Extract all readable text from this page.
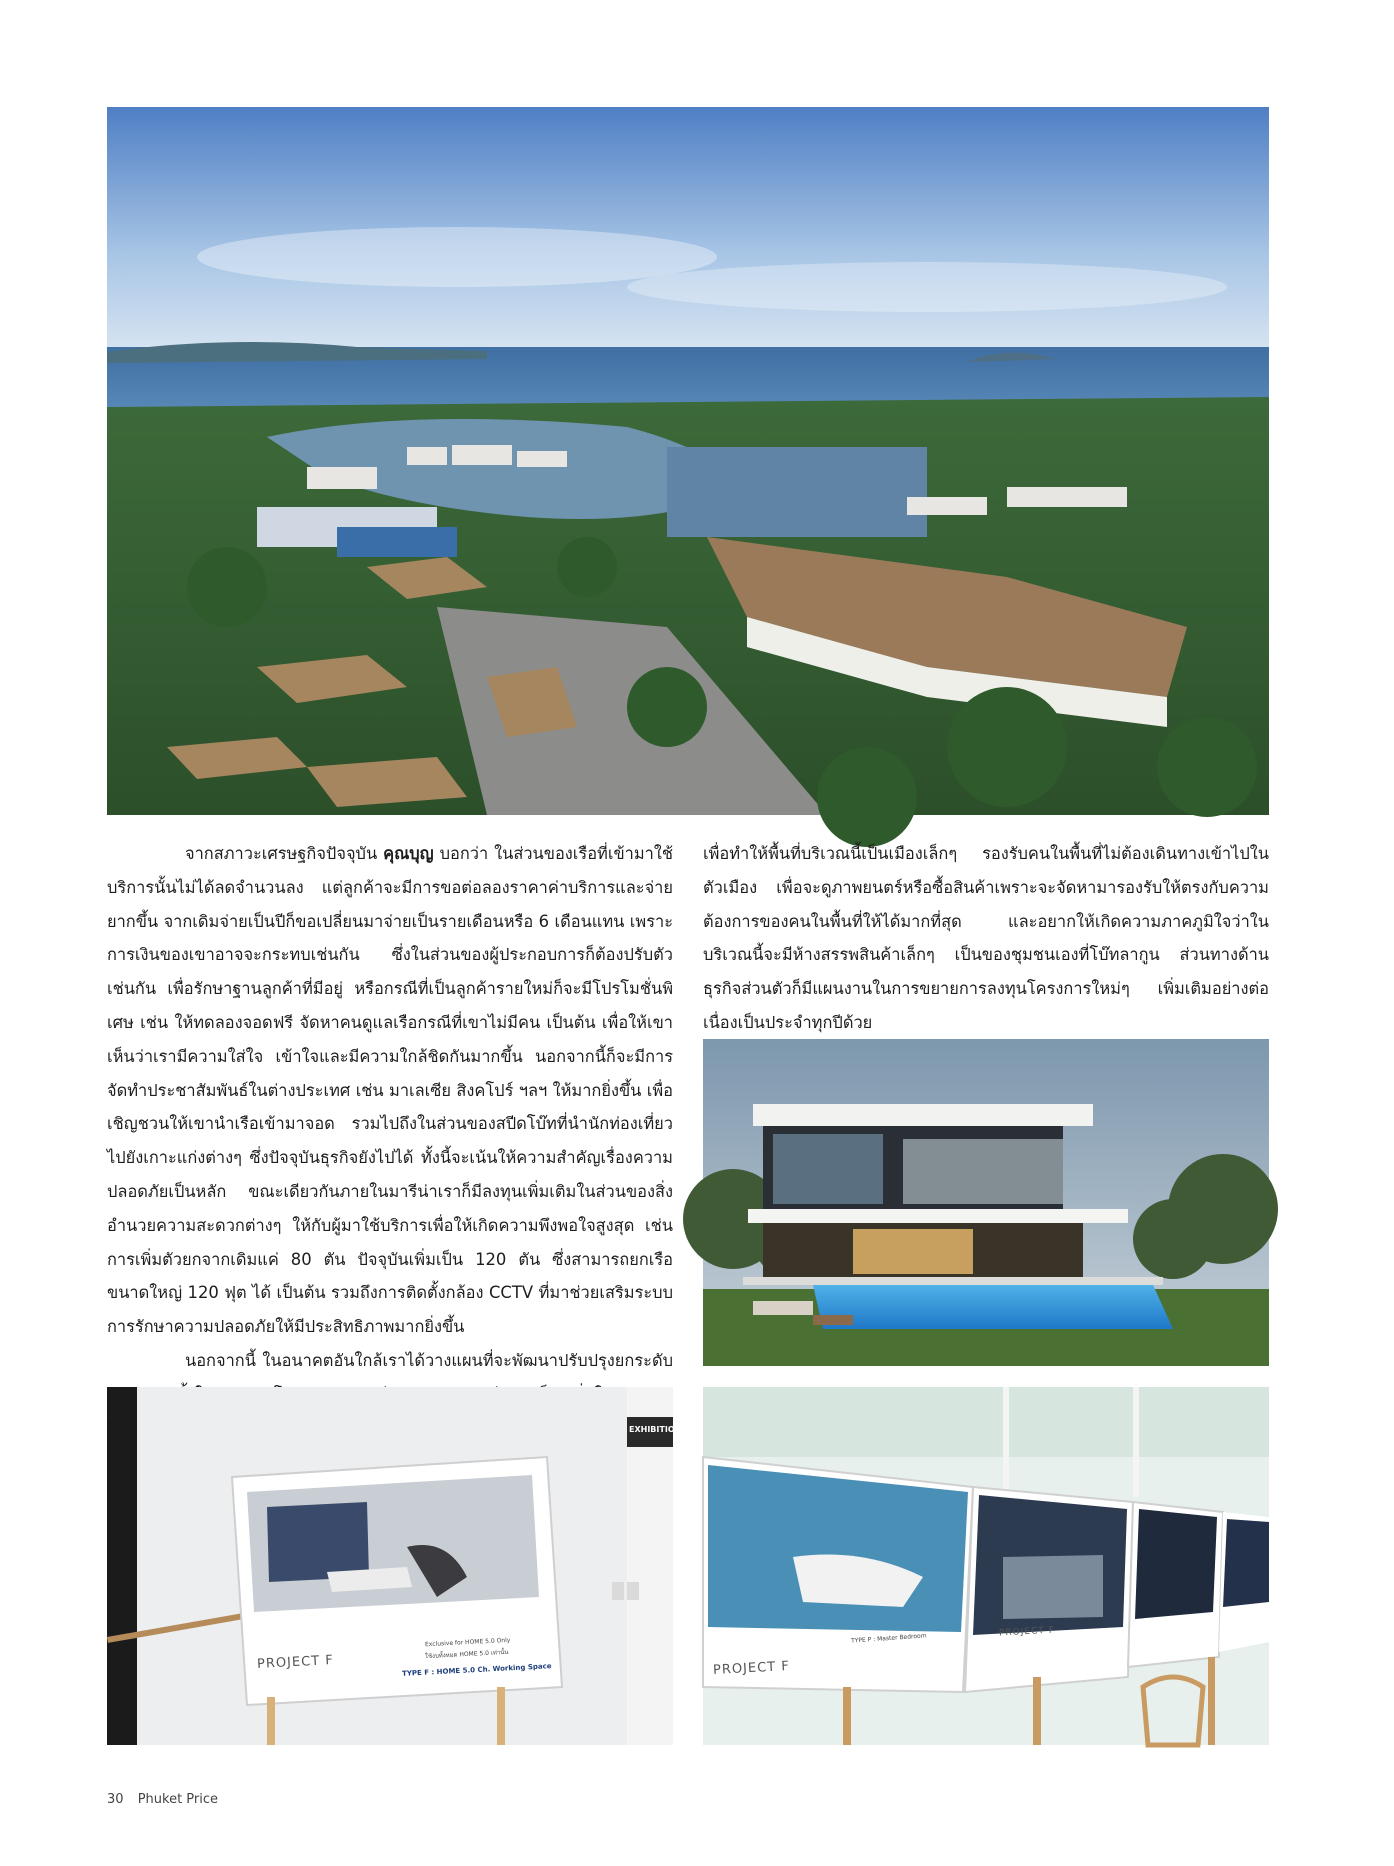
จากสภาวะเศรษฐกิจปัจจุบัน คุณบุญ บอกว่า ในส่วนของเรือที่เข้ามาใช้บริการนั้นไม่ได้ลดจำนวนลง แต่ลูกค้าจะมีการขอต่อลองราคาค่าบริการและจ่ายยากขึ้น จากเดิมจ่ายเป็นปีก็ขอเปลี่ยนมาจ่ายเป็นรายเดือนหรือ 6 เดือนแทน เพราะการเงินของเขาอาจจะกระทบเช่นกัน ซึ่งในส่วนของผู้ประกอบการก็ต้องปรับตัวเช่นกัน เพื่อรักษาฐานลูกค้าที่มีอยู่ หรือกรณีที่เป็นลูกค้ารายใหม่ก็จะมีโปรโมชั่นพิเศษ เช่น ให้ทดลองจอดฟรี จัดหาคนดูแลเรือกรณีที่เขาไม่มีคน เป็นต้น เพื่อให้เขาเห็นว่าเรามีความใส่ใจ เข้าใจและมีความใกล้ชิดกันมากขึ้น นอกจากนี้ก็จะมีการจัดทำประชาสัมพันธ์ในต่างประเทศ เช่น มาเลเซีย สิงคโปร์ ฯลฯ ให้มากยิ่งขึ้น เพื่อเชิญชวนให้เขานำเรือเข้ามาจอด รวมไปถึงในส่วนของสปีดโบ๊ทที่นำนักท่องเที่ยวไปยังเกาะแก่งต่างๆ ซึ่งปัจจุบันธุรกิจยังไปได้ ทั้งนี้จะเน้นให้ความสำคัญเรื่องความปลอดภัยเป็นหลัก ขณะเดียวกันภายในมารีน่าเราก็มีลงทุนเพิ่มเติมในส่วนของสิ่งอำนวยความสะดวกต่างๆ ให้กับผู้มาใช้บริการเพื่อให้เกิดความพึงพอใจสูงสุด เช่น การเพิ่มตัวยกจากเดิมแค่ 80 ตัน ปัจจุบันเพิ่มเป็น 120 ตัน ซึ่งสามารถยกเรือขนาดใหญ่ 120 ฟุต ได้ เป็นต้น รวมถึงการติดตั้งกล้อง CCTV ที่มาช่วยเสริมระบบการรักษาความปลอดภัยให้มีประสิทธิภาพมากยิ่งขึ้น

นอกจากนี้ ในอนาคตอันใกล้เราได้วางแผนที่จะพัฒนาปรับปรุงยกระดับ

เพื่อทำให้พื้นที่บริเวณนี้เป็นเมืองเล็กๆ รองรับคนในพื้นที่ไม่ต้องเดินทางเข้าไปในตัวเมือง เพื่อจะดูภาพยนตร์หรือซื้อสินค้าเพราะจะจัดหามารองรับให้ตรงกับความต้องการของคนในพื้นที่ให้ได้มากที่สุด และอยากให้เกิดความภาคภูมิใจว่าในบริเวณนี้จะมีห้างสรรพสินค้าเล็กๆ เป็นของชุมชนเองที่โบ๊ทลากูน ส่วนทางด้านธุรกิจส่วนตัวก็มีแผนงานในการขยายการลงทุนโครงการใหม่ๆ เพิ่มเติมอย่างต่อเนื่องเป็นประจำทุกปีด้วย

EXHIBITION
PROJECT F
Exclusive for HOME 5.0 Only
ใช้งบทั้งหมด HOME 5.0 เท่านั้น
TYPE F : HOME 5.0 Ch. Working Space	PROJECT F
TYPE P : Master Bedroom
PROJECT F
30 Phuket Price
